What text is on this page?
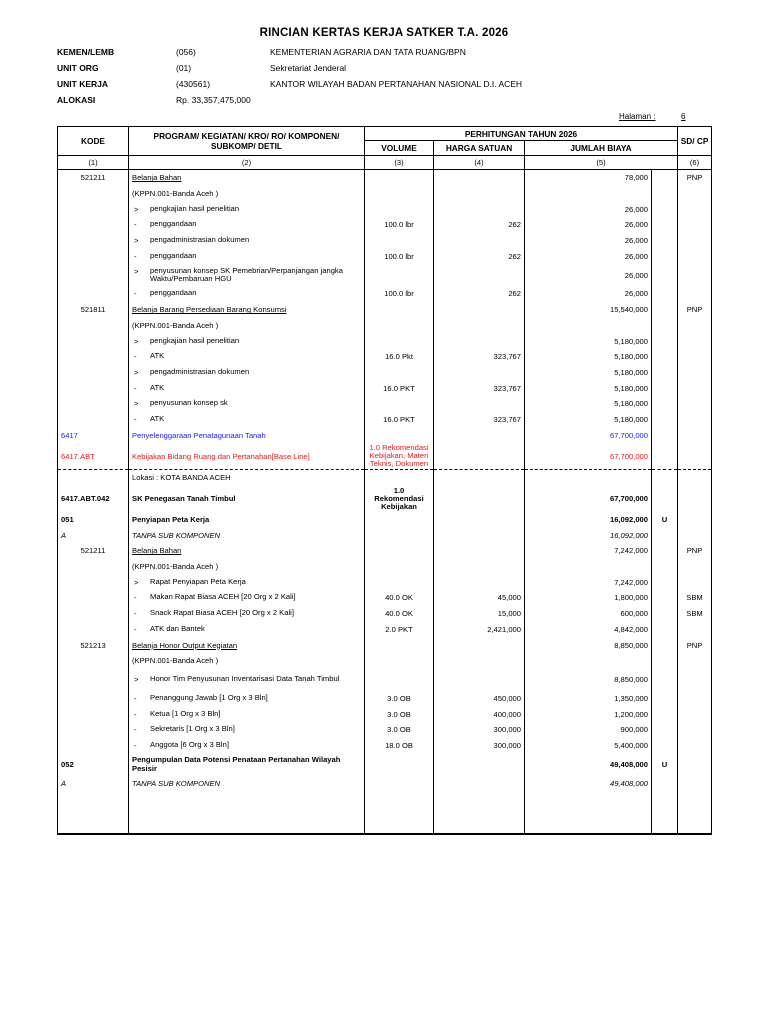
RINCIAN KERTAS KERJA SATKER T.A. 2026
KEMEN/LEMB	(056)	KEMENTERIAN AGRARIA DAN TATA RUANG/BPN
UNIT ORG	(01)	Sekretariat Jenderal
UNIT KERJA	(430561)	KANTOR WILAYAH BADAN PERTANAHAN NASIONAL D.I. ACEH
ALOKASI	Rp. 33,357,475,000
Halaman :	6
KODE	PROGRAM/ KEGIATAN/ KRO/ RO/ KOMPONEN/ SUBKOMP/ DETIL	PERHITUNGAN TAHUN 2026				SD/ CP
		VOLUME	HARGA SATUAN	JUMLAH BIAYA		
(1)	(2)	(3)	(4)	(5)		(6)
521211	Belanja Bahan			78,000		PNP
	(KPPN.001-Banda Aceh )					
	> pengkajian hasil penelitian			26,000		
	- penggandaan	100.0 lbr	262	26,000		
	> pengadministrasian dokumen			26,000		
	- penggandaan	100.0 lbr	262	26,000		
	> penyusunan konsep SK Pemebrian/Perpanjangan jangka Waktu/Pembaruan HGU			26,000		
	- penggandaan	100.0 lbr	262	26,000		
521811	Belanja Barang Persediaan Barang Konsumsi			15,540,000		PNP
	(KPPN.001-Banda Aceh )					
	> pengkajian hasil penelitian			5,180,000		
	- ATK	16.0 Pkt	323,767	5,180,000		
	> pengadministrasian dokumen			5,180,000		
	- ATK	16.0 PKT	323,767	5,180,000		
	> penyusunan konsep sk			5,180,000		
	- ATK	16.0 PKT	323,767	5,180,000		
6417	Penyelenggaraan Penatagunaan Tanah			67,700,000		
6417.ABT	Kebijakan Bidang Ruang dan Pertanahan[Base Line]	1.0 Rekomendasi Kebijakan, Materi Teknis, Dokumen		67,700,000		
	Lokasi : KOTA BANDA ACEH					
6417.ABT.042	SK Penegasan Tanah Timbul	1.0 Rekomendasi Kebijakan		67,700,000		
051	Penyiapan Peta Kerja			16,092,000	U	
A	TANPA SUB KOMPONEN			16,092,000		
521211	Belanja Bahan			7,242,000		PNP
	(KPPN.001-Banda Aceh )					
	> Rapat Penyiapan Peta Kerja			7,242,000		
	- Makan Rapat Biasa ACEH [20 Org x 2 Kali]	40.0 OK	45,000	1,800,000		SBM
	- Snack Rapat Biasa ACEH [20 Org x 2 Kali]	40.0 OK	15,000	600,000		SBM
	- ATK dan Bantek	2.0 PKT	2,421,000	4,842,000		
521213	Belanja Honor Output Kegiatan			8,850,000		PNP
	(KPPN.001-Banda Aceh )					
	> Honor Tim Penyusunan Inventarisasi Data Tanah Timbul			8,850,000		
	- Penanggung Jawab [1 Org x 3 Bln]	3.0 OB	450,000	1,350,000		
	- Ketua [1 Org x 3 Bln]	3.0 OB	400,000	1,200,000		
	- Sekretaris [1 Org x 3 Bln]	3.0 OB	300,000	900,000		
	- Anggota [6 Org x 3 Bln]	18.0 OB	300,000	5,400,000		
052	Pengumpulan Data Potensi Penataan Pertanahan Wilayah Pesisir			49,408,000	U	
A	TANPA SUB KOMPONEN			49,408,000		
